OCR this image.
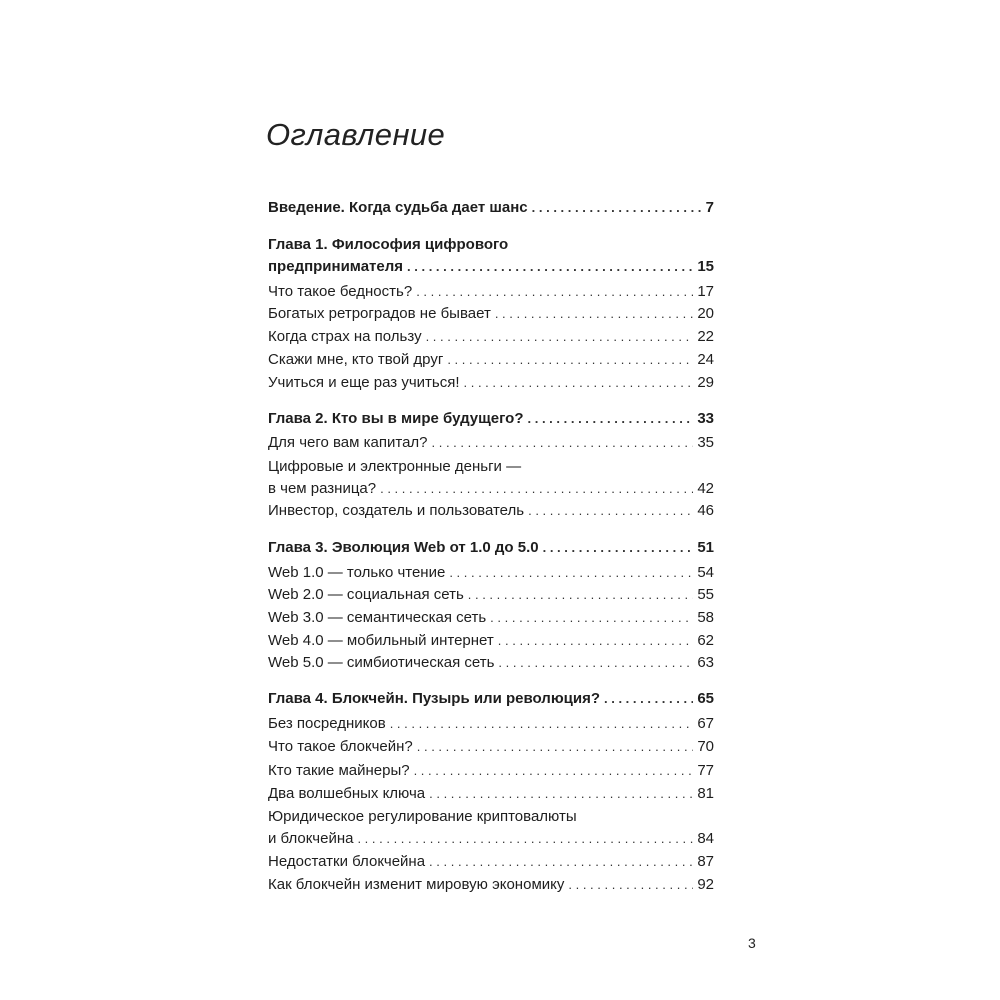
Оглавление
Введение. Когда судьба дает шанс . . .	7
Глава 1. Философия цифрового
предпринимателя . . .	15
Что такое бедность? . . .	17
Богатых ретроградов не бывает . . .	20
Когда страх на пользу . . .	22
Скажи мне, кто твой друг . . .	24
Учиться и еще раз учиться! . . .	29
Глава 2. Кто вы в мире будущего? . . .	33
Для чего вам капитал? . . .	35
Цифровые и электронные деньги —
в чем разница? . . .	42
Инвестор, создатель и пользователь . . .	46
Глава 3. Эволюция Web от 1.0 до 5.0 . . .	51
Web 1.0 — только чтение . . .	54
Web 2.0 — социальная сеть . . .	55
Web 3.0 — семантическая сеть . . .	58
Web 4.0 — мобильный интернет . . .	62
Web 5.0 — симбиотическая сеть . . .	63
Глава 4. Блокчейн. Пузырь или революция? . . .	65
Без посредников . . .	67
Что такое блокчейн? . . .	70
Кто такие майнеры? . . .	77
Два волшебных ключа . . .	81
Юридическое регулирование криптовалюты
и блокчейна . . .	84
Недостатки блокчейна . . .	87
Как блокчейн изменит мировую экономику . . .	92
3
